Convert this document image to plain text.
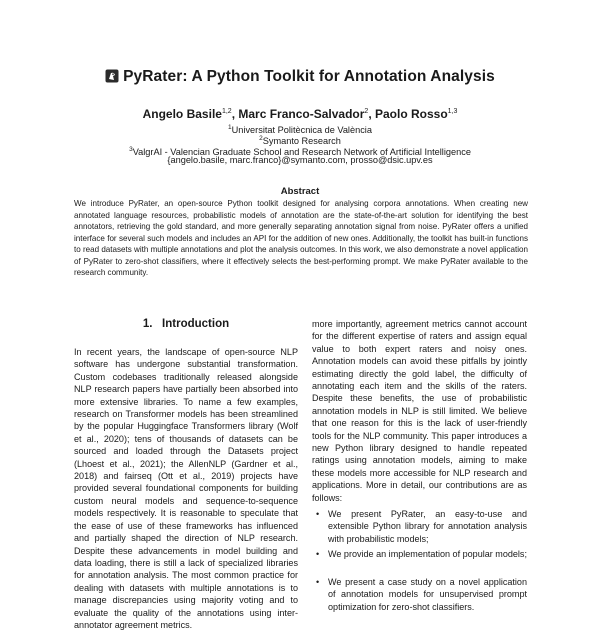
PyRater: A Python Toolkit for Annotation Analysis
Angelo Basile$^{1,2}$, Marc Franco-Salvador$^2$, Paolo Rosso$^{1,3}$
$^1$Universitat Politècnica de València
$^2$Symanto Research
$^3$ValgrAI - Valencian Graduate School and Research Network of Artificial Intelligence
{angelo.basile, marc.franco}@symanto.com, prosso@dsic.upv.es
Abstract
We introduce PyRater, an open-source Python toolkit designed for analysing corpora annotations. When creating new annotated language resources, probabilistic models of annotation are the state-of-the-art solution for identifying the best annotators, retrieving the gold standard, and more generally separating annotation signal from noise. PyRater offers a unified interface for several such models and includes an API for the addition of new ones. Additionally, the toolkit has built-in functions to read datasets with multiple annotations and plot the analysis outcomes. In this work, we also demonstrate a novel application of PyRater to zero-shot classifiers, where it effectively selects the best-performing prompt. We make PyRater available to the research community.
1. Introduction
In recent years, the landscape of open-source NLP software has undergone substantial transformation. Custom codebases traditionally released alongside NLP research papers have partially been absorbed into more extensive libraries. To name a few examples, research on Transformer models has been streamlined by the popular Huggingface Transformers library (Wolf et al., 2020); tens of thousands of datasets can be sourced and loaded through the Datasets project (Lhoest et al., 2021); the AllenNLP (Gardner et al., 2018) and fairseq (Ott et al., 2019) projects have provided several foundational components for building custom neural models and sequence-to-sequence models respectively. It is reasonable to speculate that the ease of use of these frameworks has influenced and partially shaped the direction of NLP research. Despite these advancements in model building and data loading, there is still a lack of specialized libraries for annotation analysis. The most common practice for dealing with datasets with multiple annotations is to manage discrepancies using majority voting and to evaluate the quality of the annotations using inter-annotator agreement metrics.
more importantly, agreement metrics cannot account for the different expertise of raters and assign equal value to both expert raters and noisy ones. Annotation models can avoid these pitfalls by jointly estimating directly the gold label, the difficulty of annotating each item and the skills of the raters. Despite these benefits, the use of probabilistic annotation models in NLP is still limited. We believe that one reason for this is the lack of user-friendly tools for the NLP community. This paper introduces a new Python library designed to handle repeated ratings using annotation models, aiming to make these models more accessible for NLP research and applications. More in detail, our contributions are as follows:
• We present PyRater, an easy-to-use and extensible Python library for annotation analysis with probabilistic models;
• We provide an implementation of popular models;
• We present a case study on a novel application of annotation models for unsupervised prompt optimization for zero-shot classifiers.
